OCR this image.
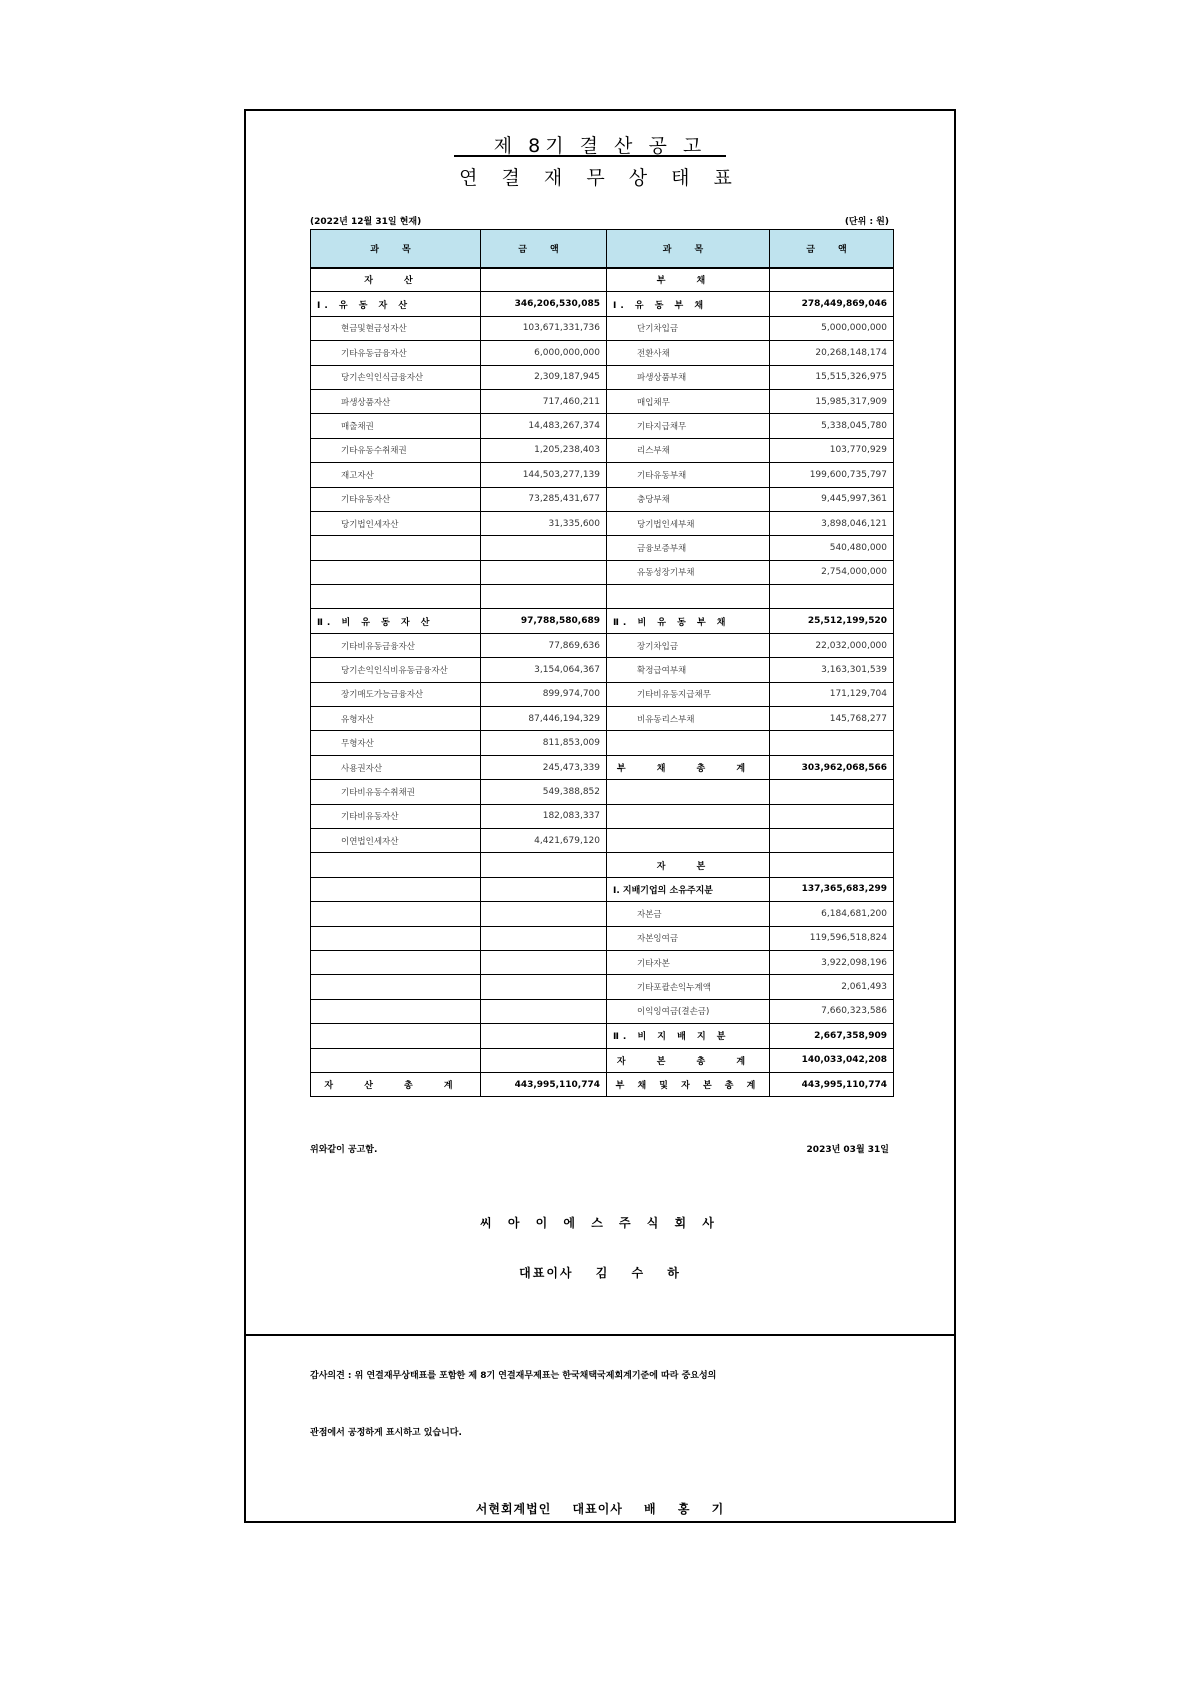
제 8기 결 산 공 고
연 결 재 무 상 태 표
(2022년 12월 31일 현재)	(단위 : 원)
과 목	금 액	과 목	금 액
자 산		부 채	
Ⅰ. 유 동 자 산	346,206,530,085	Ⅰ. 유 동 부 채	278,449,869,046
현금및현금성자산	103,671,331,736	단기차입금	5,000,000,000
기타유동금융자산	6,000,000,000	전환사채	20,268,148,174
당기손익인식금융자산	2,309,187,945	파생상품부채	15,515,326,975
파생상품자산	717,460,211	매입채무	15,985,317,909
매출채권	14,483,267,374	기타지급채무	5,338,045,780
기타유동수취채권	1,205,238,403	리스부채	103,770,929
재고자산	144,503,277,139	기타유동부채	199,600,735,797
기타유동자산	73,285,431,677	충당부채	9,445,997,361
당기법인세자산	31,335,600	당기법인세부채	3,898,046,121
		금융보증부채	540,480,000
		유동성장기부채	2,754,000,000

Ⅱ. 비 유 동 자 산	97,788,580,689	Ⅱ. 비 유 동 부 채	25,512,199,520
기타비유동금융자산	77,869,636	장기차입금	22,032,000,000
당기손익인식비유동금융자산	3,154,064,367	확정급여부채	3,163,301,539
장기매도가능금융자산	899,974,700	기타비유동지급채무	171,129,704
유형자산	87,446,194,329	비유동리스부채	145,768,277
무형자산	811,853,009		
사용권자산	245,473,339	부 채 총 계	303,962,068,566
기타비유동수취채권	549,388,852		
기타비유동자산	182,083,337		
이연법인세자산	4,421,679,120		
		자 본	
		Ⅰ. 지배기업의 소유주지분	137,365,683,299
		자본금	6,184,681,200
		자본잉여금	119,596,518,824
		기타자본	3,922,098,196
		기타포괄손익누계액	2,061,493
		이익잉여금(결손금)	7,660,323,586
		Ⅱ. 비 지 배 지 분	2,667,358,909
		자 본 총 계	140,033,042,208
자 산 총 계	443,995,110,774	부 채 및 자 본 총 계	443,995,110,774
위와같이 공고함.	2023년 03월 31일
씨 아 이 에 스 주 식 회 사
대표이사 김 수 하
감사의견 : 위 연결재무상태표를 포함한 제 8기 연결재무제표는 한국채택국제회계기준에 따라 중요성의
관점에서 공정하게 표시하고 있습니다.
서현회계법인 대표이사 배 홍 기
